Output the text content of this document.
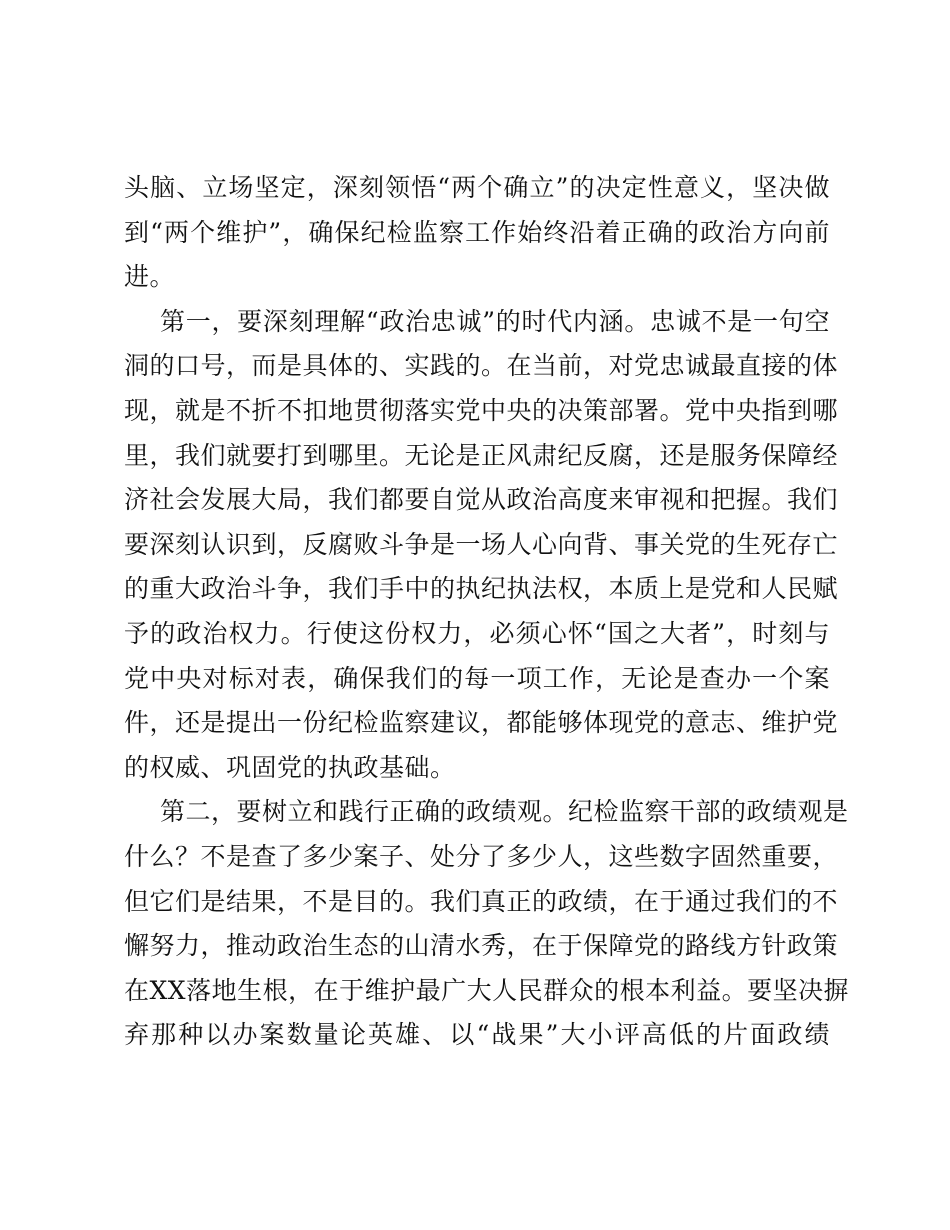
头脑、立场坚定，深刻领悟“两个确立”的决定性意义，坚决做
到“两个维护”，确保纪检监察工作始终沿着正确的政治方向前
进。
第一，要深刻理解“政治忠诚”的时代内涵。忠诚不是一句空
洞的口号，而是具体的、实践的。在当前，对党忠诚最直接的体
现，就是不折不扣地贯彻落实党中央的决策部署。党中央指到哪
里，我们就要打到哪里。无论是正风肃纪反腐，还是服务保障经
济社会发展大局，我们都要自觉从政治高度来审视和把握。我们
要深刻认识到，反腐败斗争是一场人心向背、事关党的生死存亡
的重大政治斗争，我们手中的执纪执法权，本质上是党和人民赋
予的政治权力。行使这份权力，必须心怀“国之大者”，时刻与
党中央对标对表，确保我们的每一项工作，无论是查办一个案
件，还是提出一份纪检监察建议，都能够体现党的意志、维护党
的权威、巩固党的执政基础。
第二，要树立和践行正确的政绩观。纪检监察干部的政绩观是
什么？不是查了多少案子、处分了多少人，这些数字固然重要，
但它们是结果，不是目的。我们真正的政绩，在于通过我们的不
懈努力，推动政治生态的山清水秀，在于保障党的路线方针政策
在XX落地生根，在于维护最广大人民群众的根本利益。要坚决摒
弃那种以办案数量论英雄、以“战果”大小评高低的片面政绩
